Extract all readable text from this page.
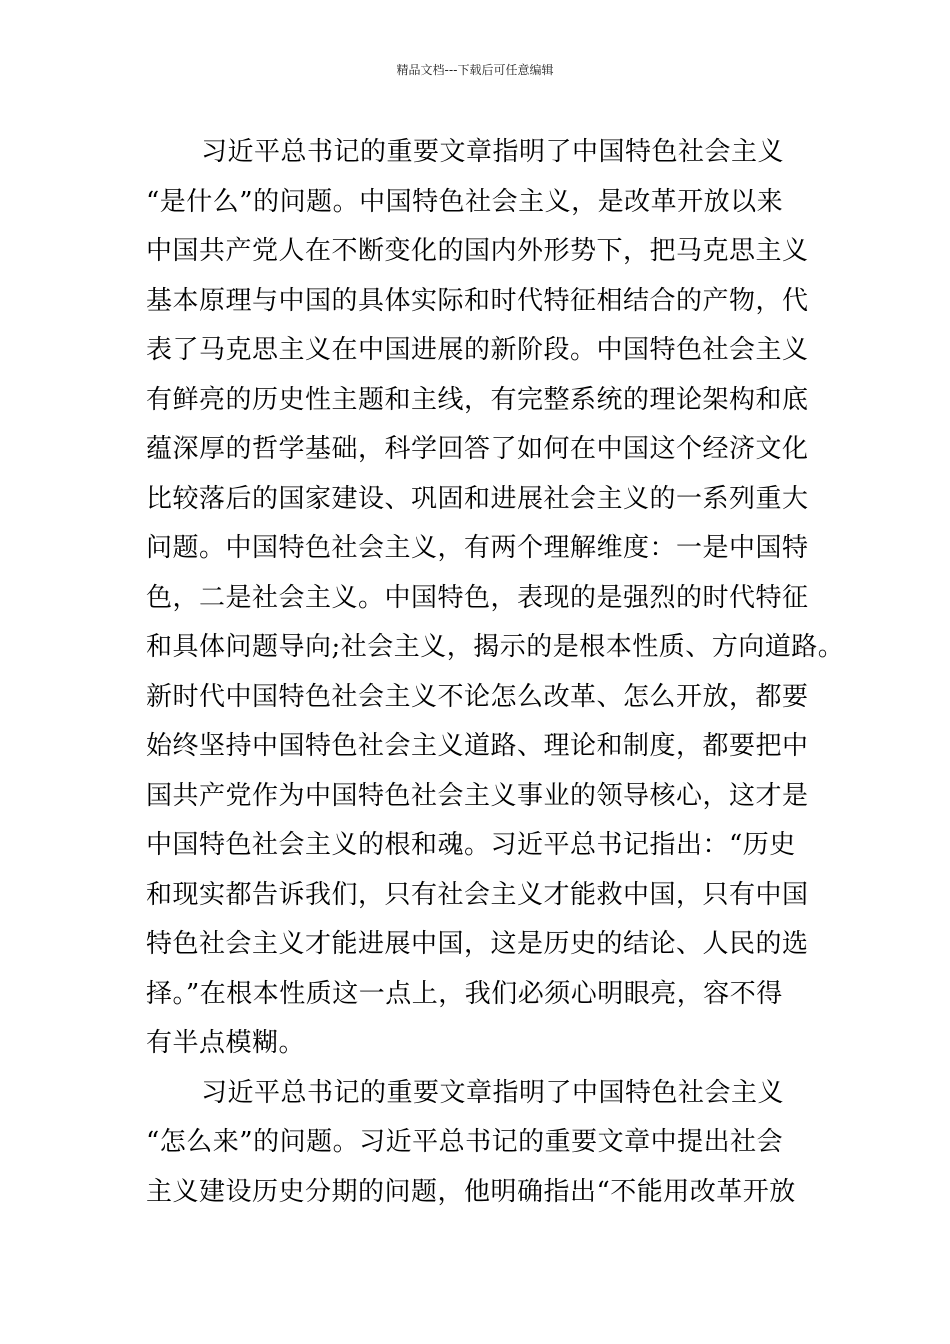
精品文档---下载后可任意编辑
习近平总书记的重要文章指明了中国特色社会主义
“是什么”的问题。中国特色社会主义，是改革开放以来
中国共产党人在不断变化的国内外形势下，把马克思主义
基本原理与中国的具体实际和时代特征相结合的产物，代
表了马克思主义在中国进展的新阶段。中国特色社会主义
有鲜亮的历史性主题和主线，有完整系统的理论架构和底
蕴深厚的哲学基础，科学回答了如何在中国这个经济文化
比较落后的国家建设、巩固和进展社会主义的一系列重大
问题。中国特色社会主义，有两个理解维度：一是中国特
色，二是社会主义。中国特色，表现的是强烈的时代特征
和具体问题导向;社会主义，揭示的是根本性质、方向道路。
新时代中国特色社会主义不论怎么改革、怎么开放，都要
始终坚持中国特色社会主义道路、理论和制度，都要把中
国共产党作为中国特色社会主义事业的领导核心，这才是
中国特色社会主义的根和魂。习近平总书记指出：“历史
和现实都告诉我们，只有社会主义才能救中国，只有中国
特色社会主义才能进展中国，这是历史的结论、人民的选
择。”在根本性质这一点上，我们必须心明眼亮，容不得
有半点模糊。
习近平总书记的重要文章指明了中国特色社会主义
“怎么来”的问题。习近平总书记的重要文章中提出社会
主义建设历史分期的问题，他明确指出“不能用改革开放
